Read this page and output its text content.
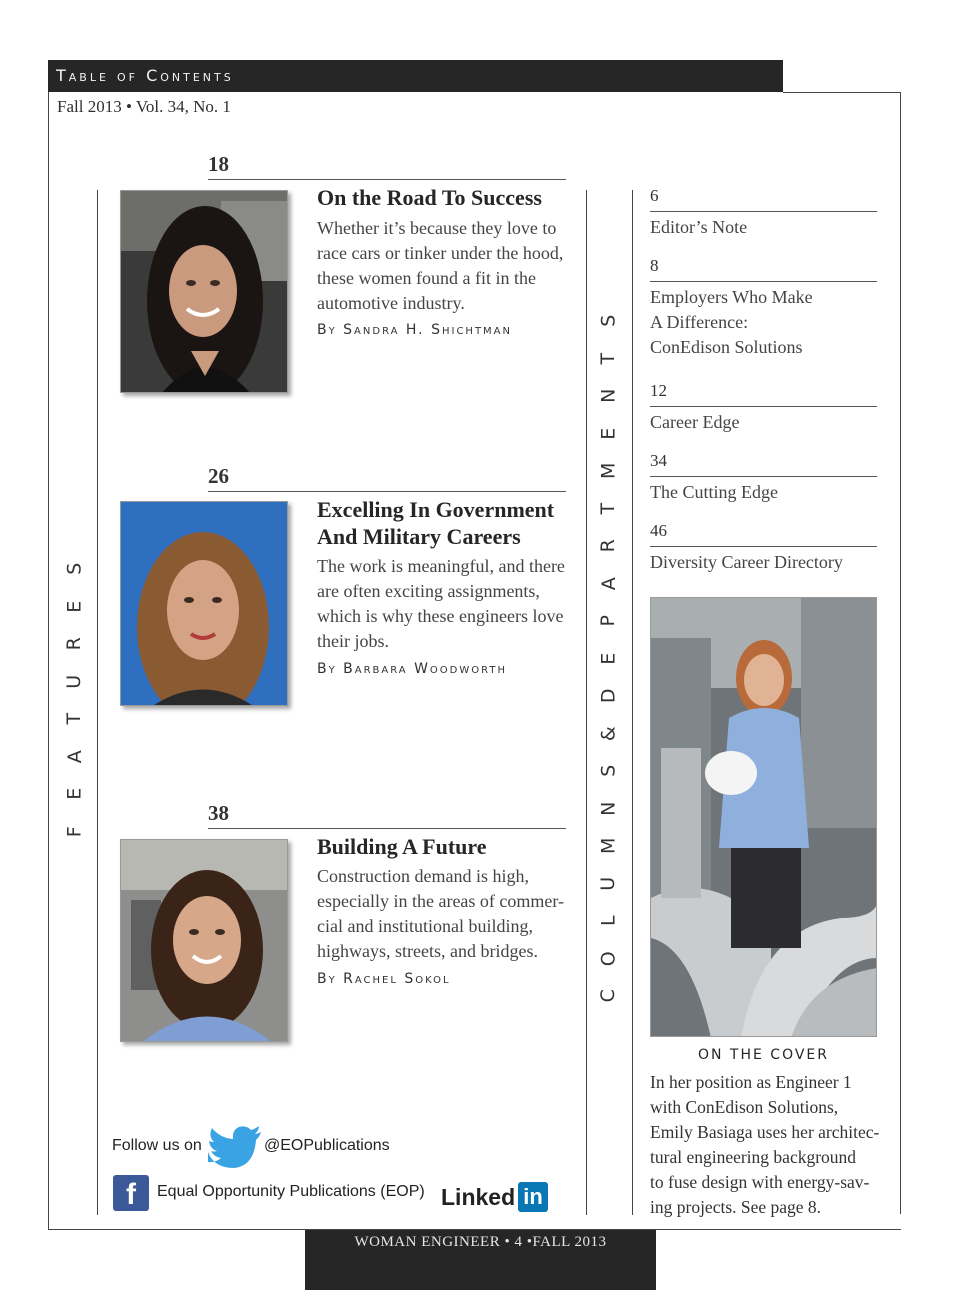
Table of Contents
Fall 2013 • Vol. 34, No. 1
S
E
R
U
T
A
E
F
S
T
N
E
M
T
R
A
P
E
D
&
S
N
M
U
L
O
C
18
On the Road To Success
Whether it’s because they love to
race cars or tinker under the hood,
these women found a fit in the
automotive industry.
By Sandra H. Shichtman
26
Excelling In Government
And Military Careers
The work is meaningful, and there
are often exciting assignments,
which is why these engineers love
their jobs.
By Barbara Woodworth
38
Building A Future
Construction demand is high,
especially in the areas of commer-
cial and institutional building,
highways, streets, and bridges.
By Rachel Sokol
6
Editor’s Note
8
Employers Who Make
A Difference:
ConEdison Solutions
12
Career Edge
34
The Cutting Edge
46
Diversity Career Directory
ON THE COVER
In her position as Engineer 1
with ConEdison Solutions,
Emily Basiaga uses her architec-
tural engineering background
to fuse design with energy-sav-
ing projects. See page 8.
Follow us on	@EOPublications
f	Equal Opportunity Publications (EOP) Linked in
WOMAN ENGINEER • 4 •FALL 2013
